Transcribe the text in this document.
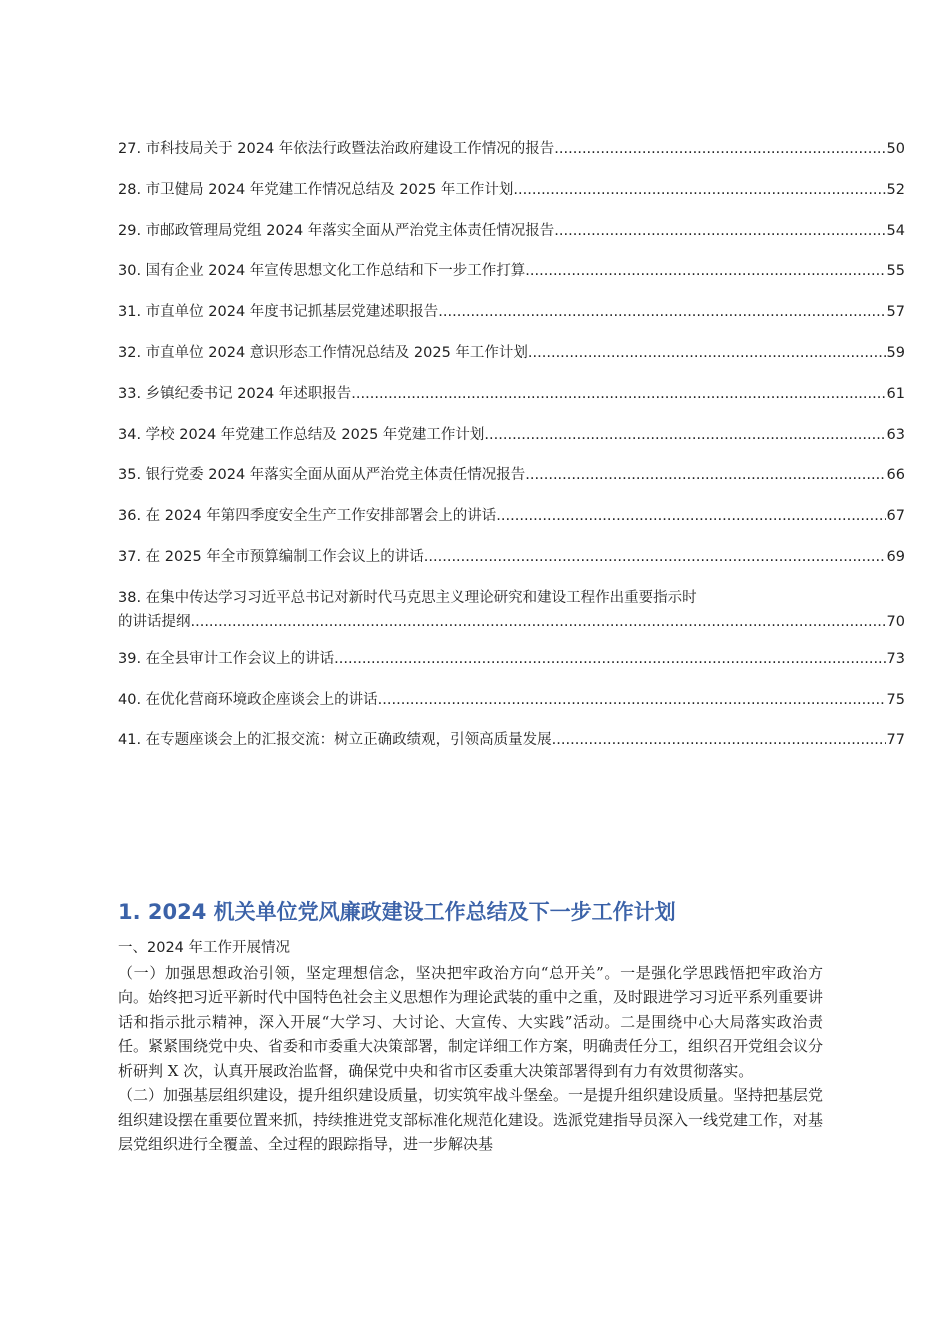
27. 市科技局关于 2024 年依法行政暨法治政府建设工作情况的报告 .....	50
28. 市卫健局 2024 年党建工作情况总结及 2025 年工作计划 .....	52
29. 市邮政管理局党组 2024 年落实全面从严治党主体责任情况报告 .....	54
30. 国有企业 2024 年宣传思想文化工作总结和下一步工作打算 .....	55
31. 市直单位 2024 年度书记抓基层党建述职报告 .....	57
32. 市直单位 2024 意识形态工作情况总结及 2025 年工作计划 .....	59
33. 乡镇纪委书记 2024 年述职报告 .....	61
34. 学校 2024 年党建工作总结及 2025 年党建工作计划 .....	63
35. 银行党委 2024 年落实全面从面从严治党主体责任情况报告 .....	66
36. 在 2024 年第四季度安全生产工作安排部署会上的讲话 .....	67
37. 在 2025 年全市预算编制工作会议上的讲话 .....	69
38. 在集中传达学习习近平总书记对新时代马克思主义理论研究和建设工程作出重要指示时
的讲话提纲 .....	70
39. 在全县审计工作会议上的讲话 .....	73
40. 在优化营商环境政企座谈会上的讲话 .....	75
41. 在专题座谈会上的汇报交流：树立正确政绩观，引领高质量发展 .....	77
1. 2024 机关单位党风廉政建设工作总结及下一步工作计划

一、2024 年工作开展情况

（一）加强思想政治引领，坚定理想信念，坚决把牢政治方向“总开关”。一是强化学思践悟把牢政治方向。始终把习近平新时代中国特色社会主义思想作为理论武装的重中之重，及时跟进学习习近平系列重要讲话和指示批示精神，深入开展“大学习、大讨论、大宣传、大实践”活动。二是围绕中心大局落实政治责任。紧紧围绕党中央、省委和市委重大决策部署，制定详细工作方案，明确责任分工，组织召开党组会议分析研判 X 次，认真开展政治监督，确保党中央和省市区委重大决策部署得到有力有效贯彻落实。

（二）加强基层组织建设，提升组织建设质量，切实筑牢战斗堡垒。一是提升组织建设质量。坚持把基层党组织建设摆在重要位置来抓，持续推进党支部标准化规范化建设。选派党建指导员深入一线党建工作，对基层党组织进行全覆盖、全过程的跟踪指导，进一步解决基
